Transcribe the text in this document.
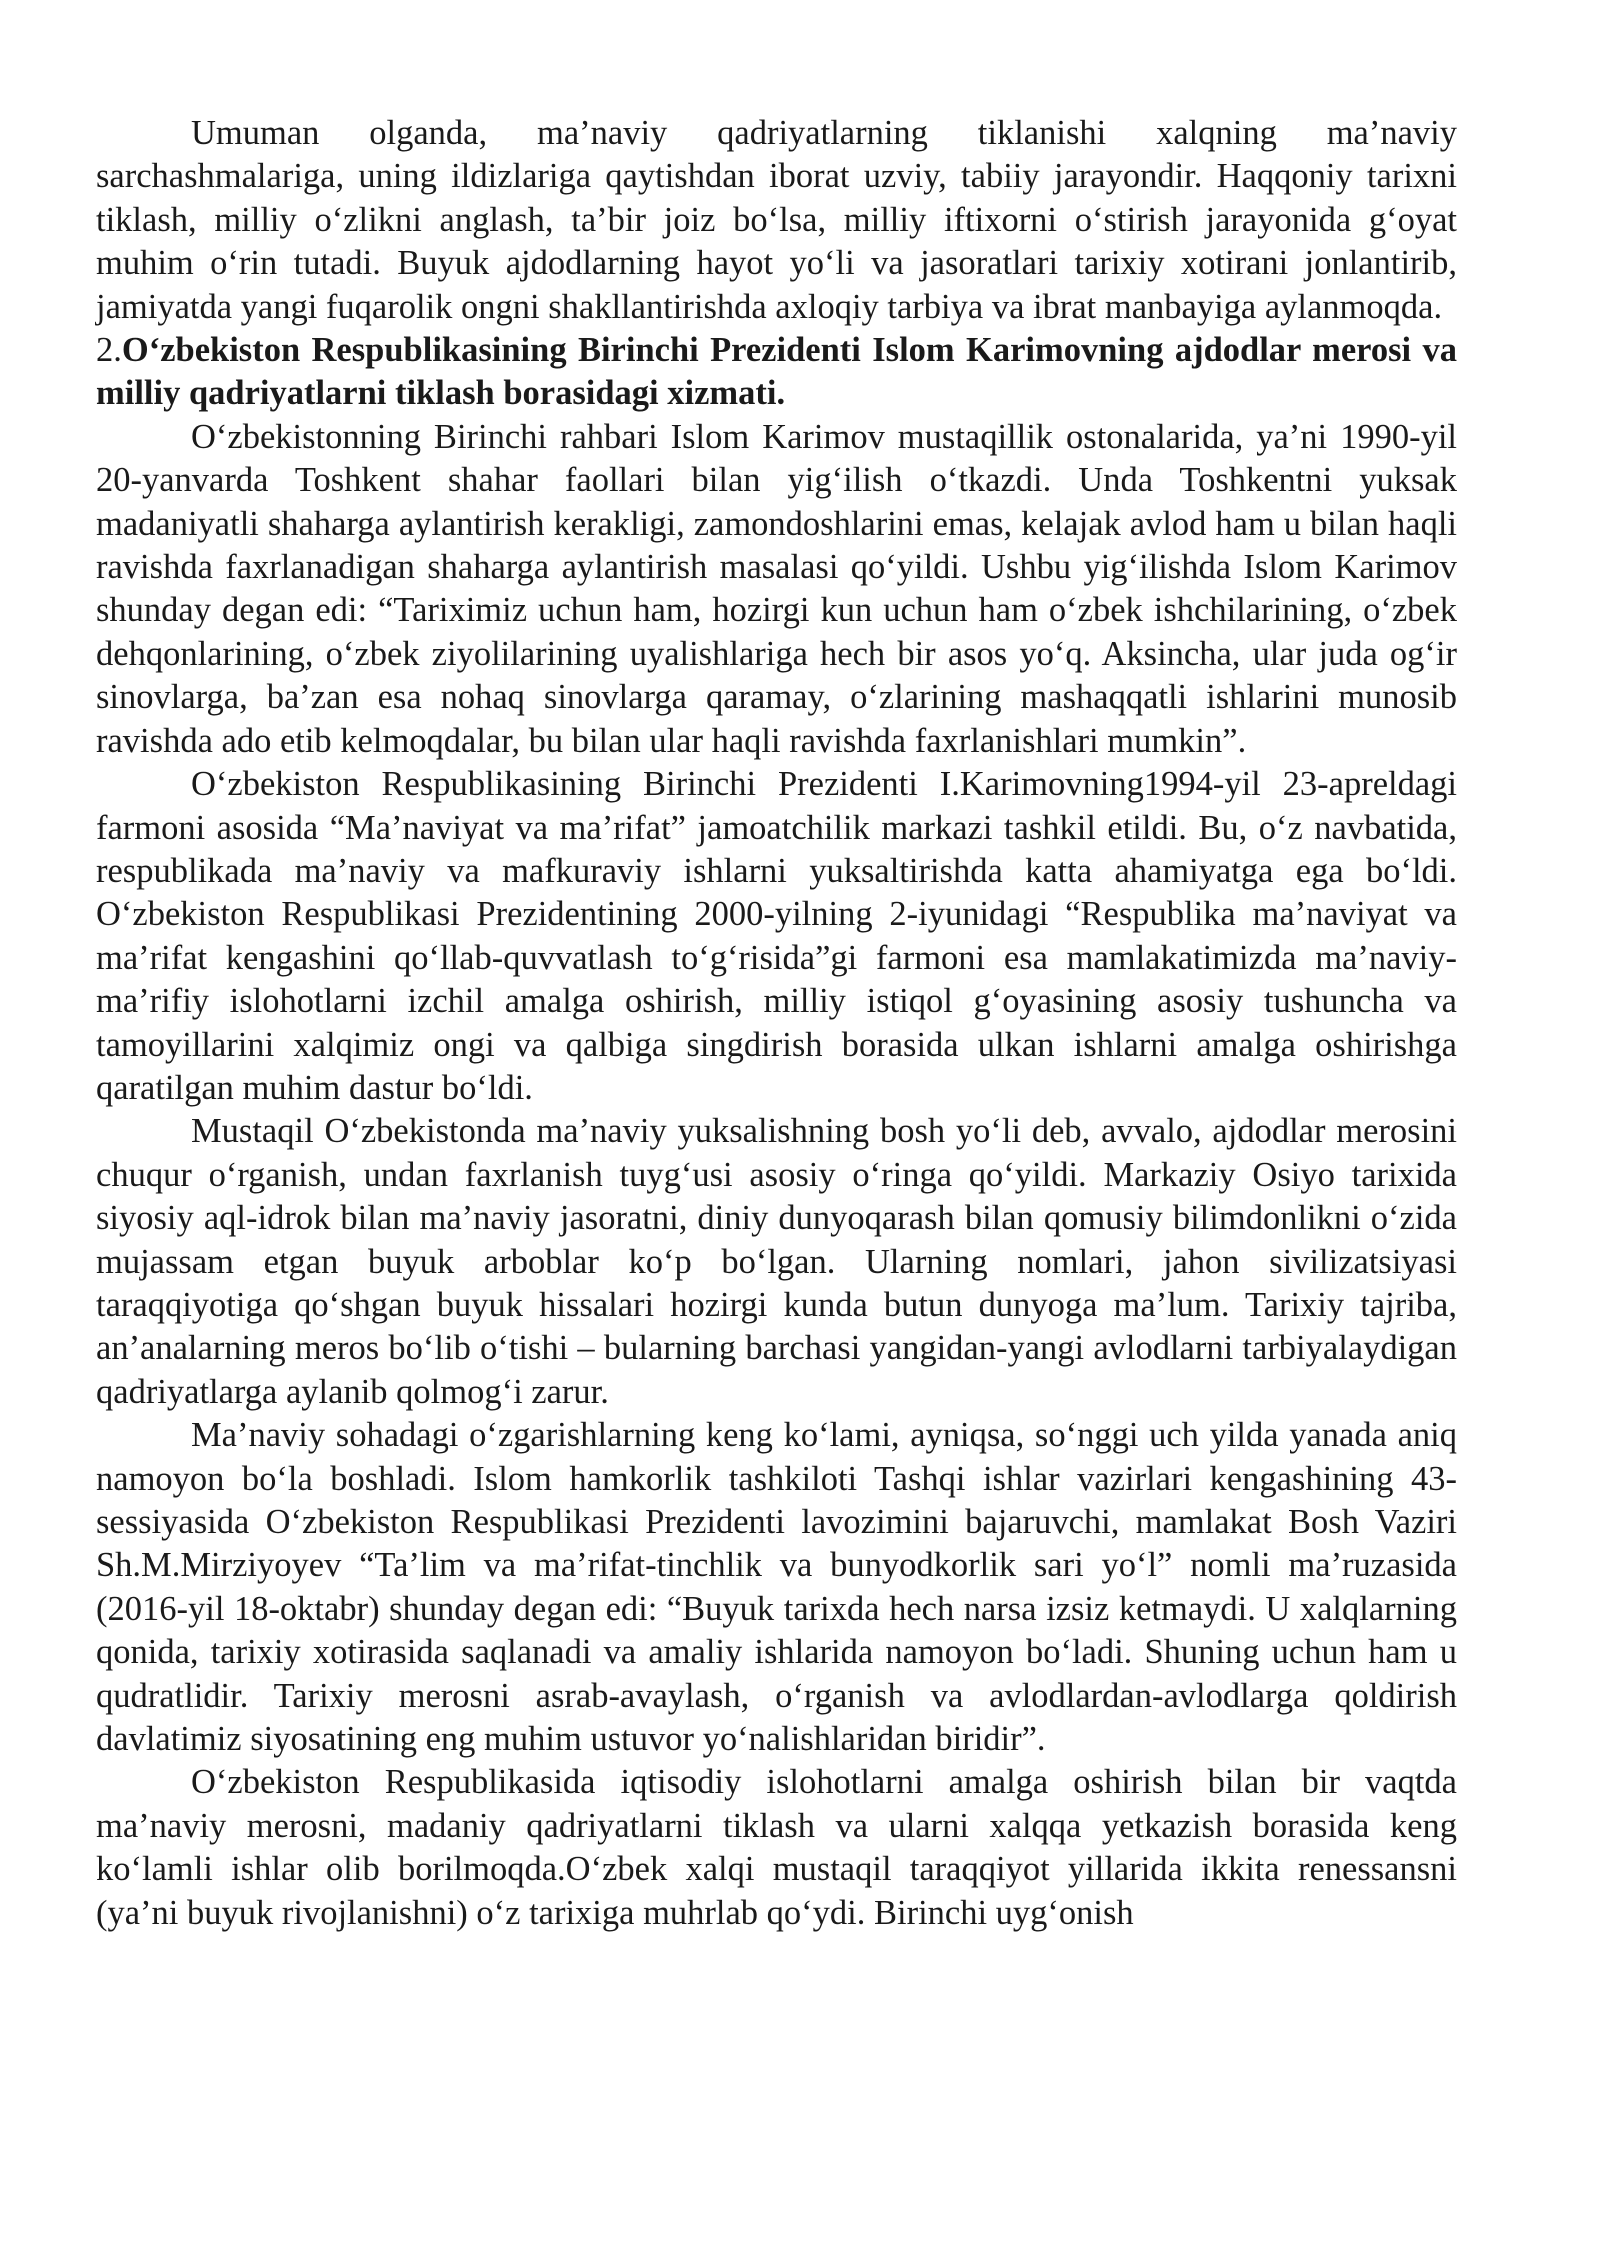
Umuman olganda, ma’naviy qadriyatlarning tiklanishi xalqning ma’naviy sarchashmalariga, uning ildizlariga qaytishdan iborat uzviy, tabiiy jarayondir. Haqqoniy tarixni tiklash, milliy o‘zlikni anglash, ta’bir joiz bo‘lsa, milliy iftixorni o‘stirish jarayonida g‘oyat muhim o‘rin tutadi. Buyuk ajdodlarning hayot yo‘li va jasoratlari tarixiy xotirani jonlantirib, jamiyatda yangi fuqarolik ongni shakllantirishda axloqiy tarbiya va ibrat manbayiga aylanmoqda.

2.O‘zbekiston Respublikasining Birinchi Prezidenti Islom Karimovning ajdodlar merosi va milliy qadriyatlarni tiklash borasidagi xizmati.

O‘zbekistonning Birinchi rahbari Islom Karimov mustaqillik ostonalarida, ya’ni 1990-yil 20-yanvarda Toshkent shahar faollari bilan yig‘ilish o‘tkazdi. Unda Toshkentni yuksak madaniyatli shaharga aylantirish kerakligi, zamondoshlarini emas, kelajak avlod ham u bilan haqli ravishda faxrlanadigan shaharga aylantirish masalasi qo‘yildi. Ushbu yig‘ilishda Islom Karimov shunday degan edi: “Tariximiz uchun ham, hozirgi kun uchun ham o‘zbek ishchilarining, o‘zbek dehqonlarining, o‘zbek ziyolilarining uyalishlariga hech bir asos yo‘q. Aksincha, ular juda og‘ir sinovlarga, ba’zan esa nohaq sinovlarga qaramay, o‘zlarining mashaqqatli ishlarini munosib ravishda ado etib kelmoqdalar, bu bilan ular haqli ravishda faxrlanishlari mumkin”.

O‘zbekiston Respublikasining Birinchi Prezidenti I.Karimovning1994-yil 23-apreldagi farmoni asosida “Ma’naviyat va ma’rifat” jamoatchilik markazi tashkil etildi. Bu, o‘z navbatida, respublikada ma’naviy va mafkuraviy ishlarni yuksaltirishda katta ahamiyatga ega bo‘ldi. O‘zbekiston Respublikasi Prezidentining 2000-yilning 2-iyunidagi “Respublika ma’naviyat va ma’rifat kengashini qo‘llab-quvvatlash to‘g‘risida”gi farmoni esa mamlakatimizda ma’naviy-ma’rifiy islohotlarni izchil amalga oshirish, milliy istiqol g‘oyasining asosiy tushuncha va tamoyillarini xalqimiz ongi va qalbiga singdirish borasida ulkan ishlarni amalga oshirishga qaratilgan muhim dastur bo‘ldi.

Mustaqil O‘zbekistonda ma’naviy yuksalishning bosh yo‘li deb, avvalo, ajdodlar merosini chuqur o‘rganish, undan faxrlanish tuyg‘usi asosiy o‘ringa qo‘yildi. Markaziy Osiyo tarixida siyosiy aql-idrok bilan ma’naviy jasoratni, diniy dunyoqarash bilan qomusiy bilimdonlikni o‘zida mujassam etgan buyuk arboblar ko‘p bo‘lgan. Ularning nomlari, jahon sivilizatsiyasi taraqqiyotiga qo‘shgan buyuk hissalari hozirgi kunda butun dunyoga ma’lum. Tarixiy tajriba, an’analarning meros bo‘lib o‘tishi – bularning barchasi yangidan-yangi avlodlarni tarbiyalaydigan qadriyatlarga aylanib qolmog‘i zarur.

Ma’naviy sohadagi o‘zgarishlarning keng ko‘lami, ayniqsa, so‘nggi uch yilda yanada aniq namoyon bo‘la boshladi. Islom hamkorlik tashkiloti Tashqi ishlar vazirlari kengashining 43-sessiyasida O‘zbekiston Respublikasi Prezidenti lavozimini bajaruvchi, mamlakat Bosh Vaziri Sh.M.Mirziyoyev “Ta’lim va ma’rifat-tinchlik va bunyodkorlik sari yo‘l” nomli ma’ruzasida (2016-yil 18-oktabr) shunday degan edi: “Buyuk tarixda hech narsa izsiz ketmaydi. U xalqlarning qonida, tarixiy xotirasida saqlanadi va amaliy ishlarida namoyon bo‘ladi. Shuning uchun ham u qudratlidir. Tarixiy merosni asrab-avaylash, o‘rganish va avlodlardan-avlodlarga qoldirish davlatimiz siyosatining eng muhim ustuvor yo‘nalishlaridan biridir”.

O‘zbekiston Respublikasida iqtisodiy islohotlarni amalga oshirish bilan bir vaqtda ma’naviy merosni, madaniy qadriyatlarni tiklash va ularni xalqqa yetkazish borasida keng ko‘lamli ishlar olib borilmoqda.O‘zbek xalqi mustaqil taraqqiyot yillarida ikkita renessansni (ya’ni buyuk rivojlanishni) o‘z tarixiga muhrlab qo‘ydi. Birinchi uyg‘onish
